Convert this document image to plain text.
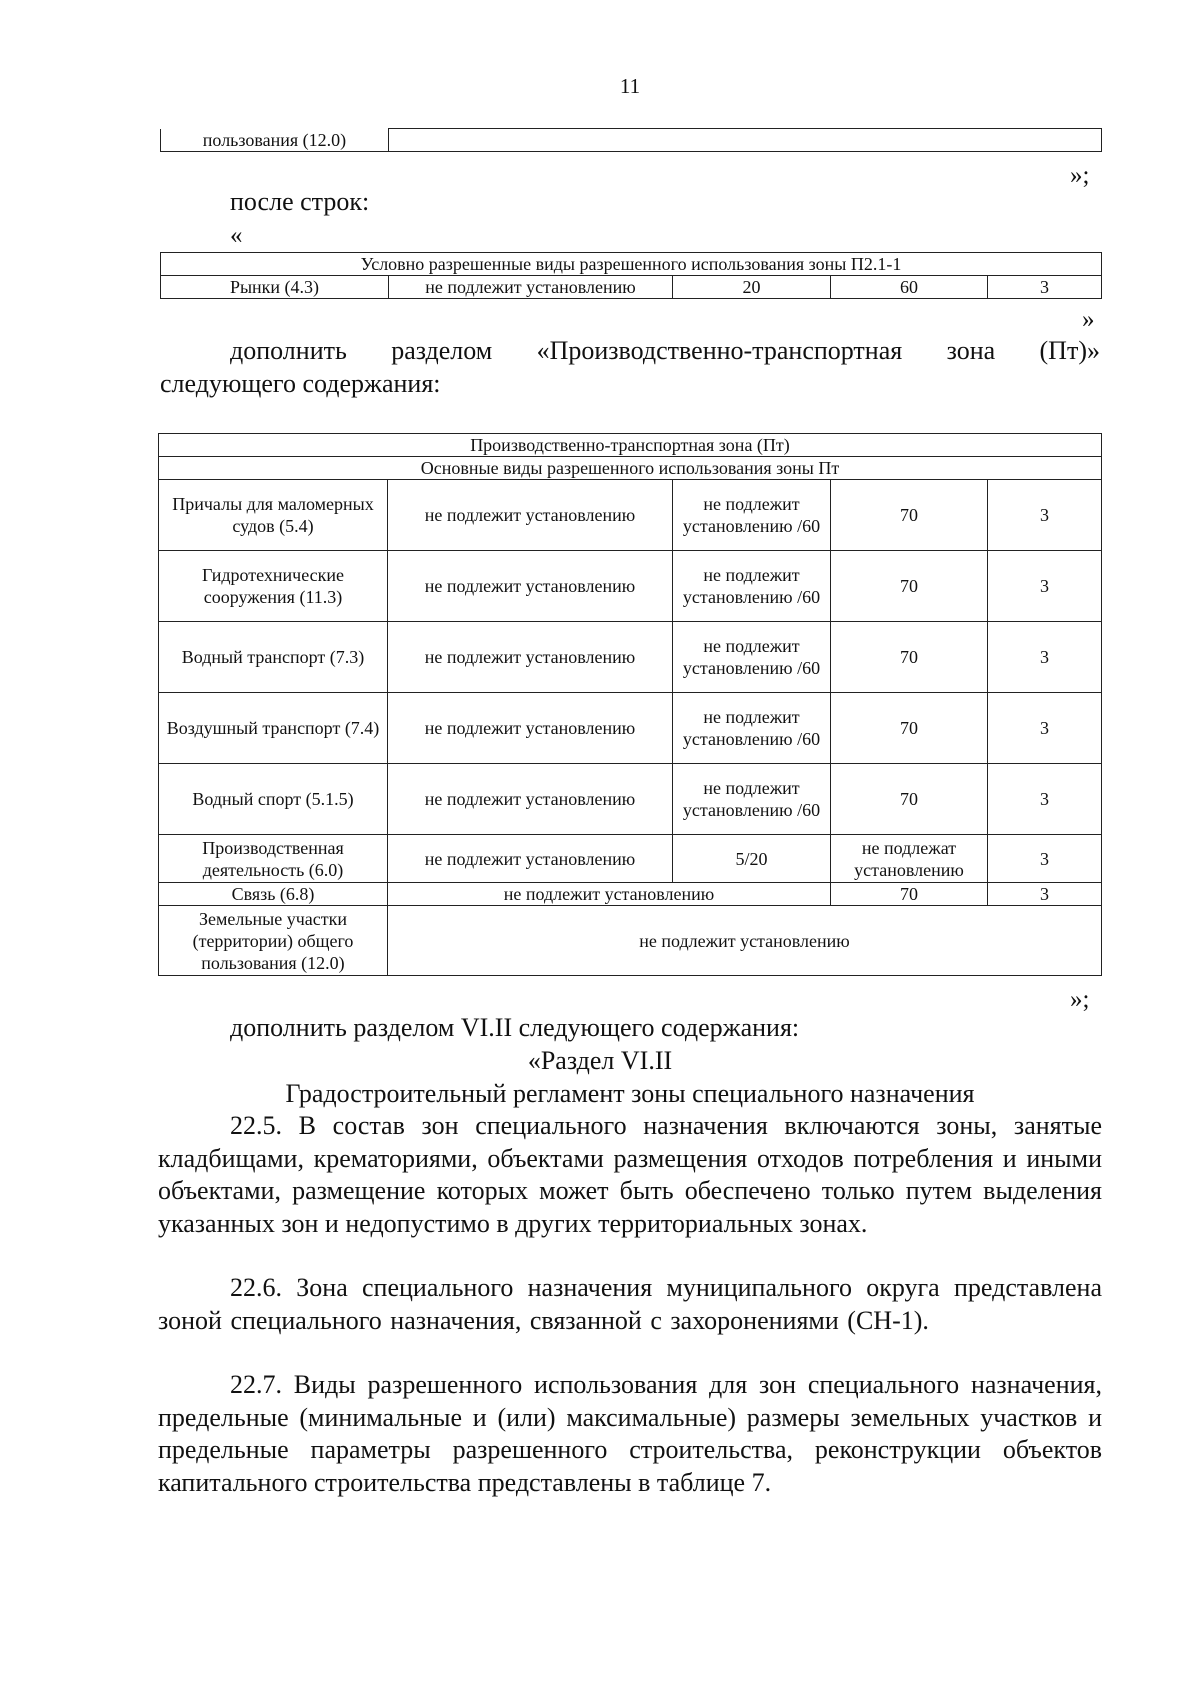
11
пользования (12.0)	
»;
после строк:
«
Условно разрешенные виды разрешенного использования зоны П2.1-1
Рынки (4.3)	не подлежит установлению	20	60	3
»
дополнить разделом «Производственно-транспортная зона (Пт)»
следующего содержания:
Производственно-транспортная зона (Пт)				
Основные виды разрешенного использования зоны Пт				
Причалы для маломерных судов (5.4)	не подлежит установлению	не подлежит установлению /60	70	3
Гидротехнические сооружения (11.3)	не подлежит установлению	не подлежит установлению /60	70	3
Водный транспорт (7.3)	не подлежит установлению	не подлежит установлению /60	70	3
Воздушный транспорт (7.4)	не подлежит установлению	не подлежит установлению /60	70	3
Водный спорт (5.1.5)	не подлежит установлению	не подлежит установлению /60	70	3
Производственная деятельность (6.0)	не подлежит установлению	5/20	не подлежат установлению	3
Связь (6.8)	не подлежит установлению		70	3
Земельные участки (территории) общего пользования (12.0)	не подлежит установлению			
»;
дополнить разделом VI.II следующего содержания:
«Раздел VI.II
Градостроительный регламент зоны специального назначения
22.5. В состав зон специального назначения включаются зоны, занятые кладбищами, крематориями, объектами размещения отходов потребления и иными объектами, размещение которых может быть обеспечено только путем выделения указанных зон и недопустимо в других территориальных зонах.
22.6. Зона специального назначения муниципального округа представлена зоной специального назначения, связанной с захоронениями (СН-1).
22.7. Виды разрешенного использования для зон специального назначения, предельные (минимальные и (или) максимальные) размеры земельных участков и предельные параметры разрешенного строительства, реконструкции объектов капитального строительства представлены в таблице 7.
